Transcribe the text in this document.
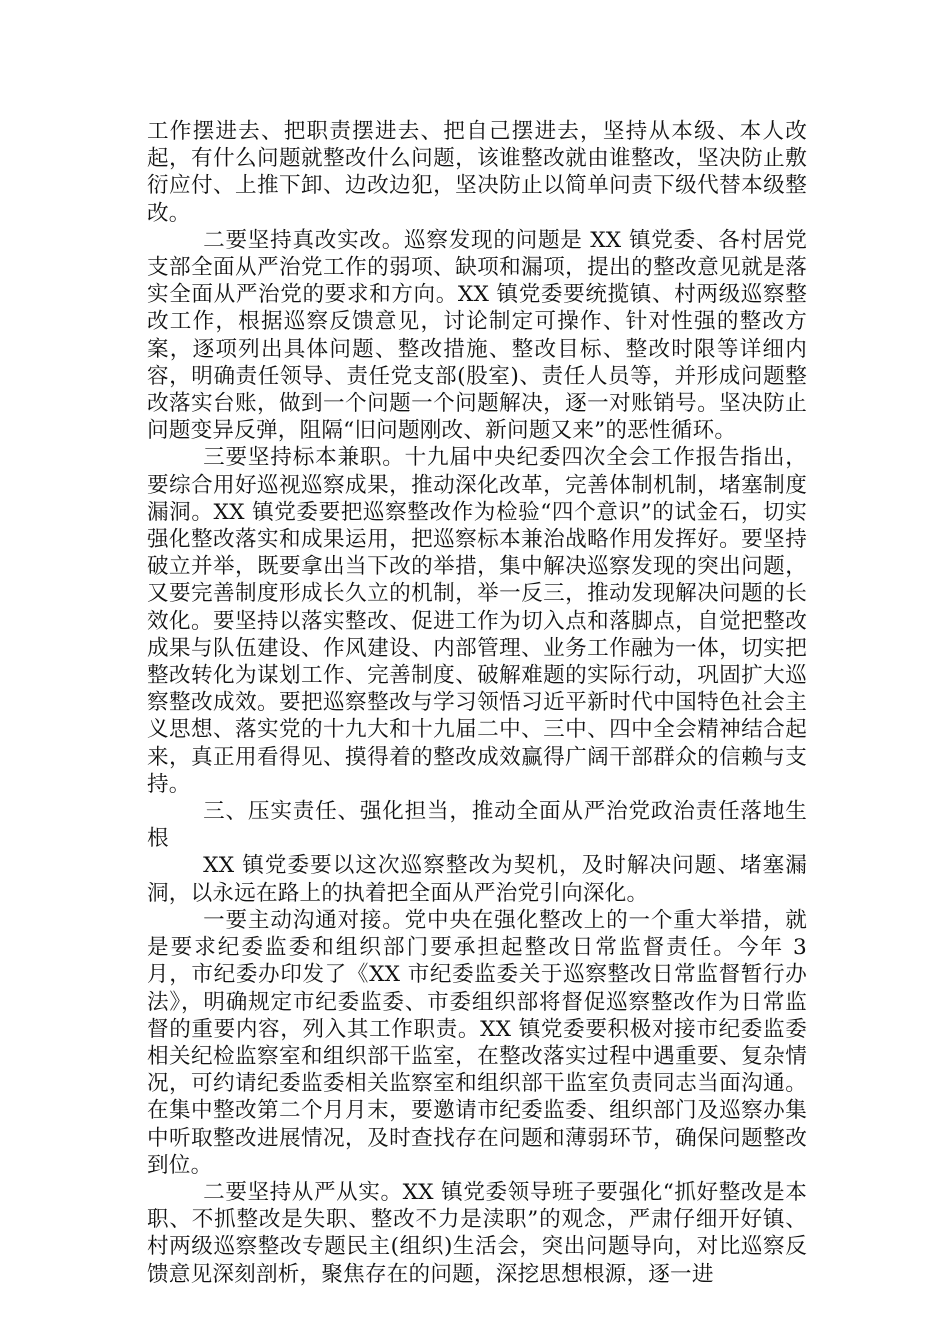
工作摆进去、把职责摆进去、把自己摆进去，坚持从本级、本人改起，有什么问题就整改什么问题，该谁整改就由谁整改，坚决防止敷衍应付、上推下卸、边改边犯，坚决防止以简单问责下级代替本级整改。

二要坚持真改实改。巡察发现的问题是 XX 镇党委、各村居党支部全面从严治党工作的弱项、缺项和漏项，提出的整改意见就是落实全面从严治党的要求和方向。XX 镇党委要统揽镇、村两级巡察整改工作，根据巡察反馈意见，讨论制定可操作、针对性强的整改方案，逐项列出具体问题、整改措施、整改目标、整改时限等详细内容，明确责任领导、责任党支部(股室)、责任人员等，并形成问题整改落实台账，做到一个问题一个问题解决，逐一对账销号。坚决防止问题变异反弹，阻隔“旧问题刚改、新问题又来”的恶性循环。

三要坚持标本兼职。十九届中央纪委四次全会工作报告指出，要综合用好巡视巡察成果，推动深化改革，完善体制机制，堵塞制度漏洞。XX 镇党委要把巡察整改作为检验“四个意识”的试金石，切实强化整改落实和成果运用，把巡察标本兼治战略作用发挥好。要坚持破立并举，既要拿出当下改的举措，集中解决巡察发现的突出问题，又要完善制度形成长久立的机制，举一反三，推动发现解决问题的长效化。要坚持以落实整改、促进工作为切入点和落脚点，自觉把整改成果与队伍建设、作风建设、内部管理、业务工作融为一体，切实把整改转化为谋划工作、完善制度、破解难题的实际行动，巩固扩大巡察整改成效。要把巡察整改与学习领悟习近平新时代中国特色社会主义思想、落实党的十九大和十九届二中、三中、四中全会精神结合起来，真正用看得见、摸得着的整改成效赢得广阔干部群众的信赖与支持。

三、压实责任、强化担当，推动全面从严治党政治责任落地生根

XX 镇党委要以这次巡察整改为契机，及时解决问题、堵塞漏洞，以永远在路上的执着把全面从严治党引向深化。

一要主动沟通对接。党中央在强化整改上的一个重大举措，就是要求纪委监委和组织部门要承担起整改日常监督责任。今年 3 月，市纪委办印发了《XX 市纪委监委关于巡察整改日常监督暂行办法》，明确规定市纪委监委、市委组织部将督促巡察整改作为日常监督的重要内容，列入其工作职责。XX 镇党委要积极对接市纪委监委相关纪检监察室和组织部干监室，在整改落实过程中遇重要、复杂情况，可约请纪委监委相关监察室和组织部干监室负责同志当面沟通。在集中整改第二个月月末，要邀请市纪委监委、组织部门及巡察办集中听取整改进展情况，及时查找存在问题和薄弱环节，确保问题整改到位。

二要坚持从严从实。XX 镇党委领导班子要强化“抓好整改是本职、不抓整改是失职、整改不力是渎职”的观念，严肃仔细开好镇、村两级巡察整改专题民主(组织)生活会，突出问题导向，对比巡察反馈意见深刻剖析，聚焦存在的问题，深挖思想根源，逐一进
